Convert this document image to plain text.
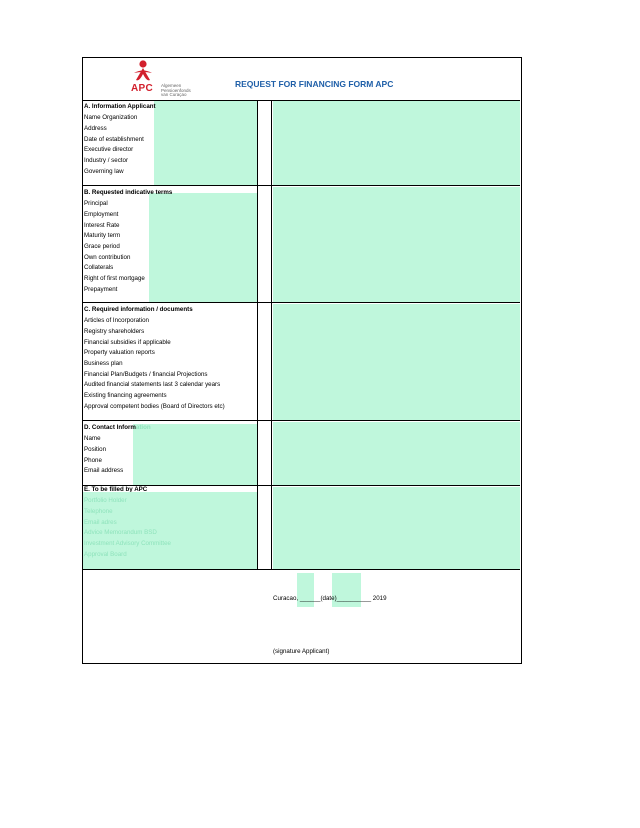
APC	Algemeen
Pensioenfonds
van Curaçao
REQUEST FOR FINANCING FORM APC
A. Information Applicant
Name Organization
Address
Date of establishment
Executive director
Industry / sector
Governing law
B. Requested indicative terms
Principal
Employment
Interest Rate
Maturity term
Grace period
Own contribution
Collaterals
Right of first mortgage
Prepayment
C. Required information / documents
Articles of Incorporation
Registry shareholders
Financial subsidies if applicable
Property valuation reports
Business plan
Financial Plan/Budgets / financial Projections
Audited financial statements last 3 calendar years
Existing financing agreements
Approval competent bodies (Board of Directors etc)
D. Contact Information
Name
Position
Phone
Email address
E. To be filled by APC
Portfolio Holder
Telephone
Email adres
Advice Memorandum BSD
Investment Advisory Committee
Approval Board
Curacao, ______(date)__________ 2019
(signature Applicant)
